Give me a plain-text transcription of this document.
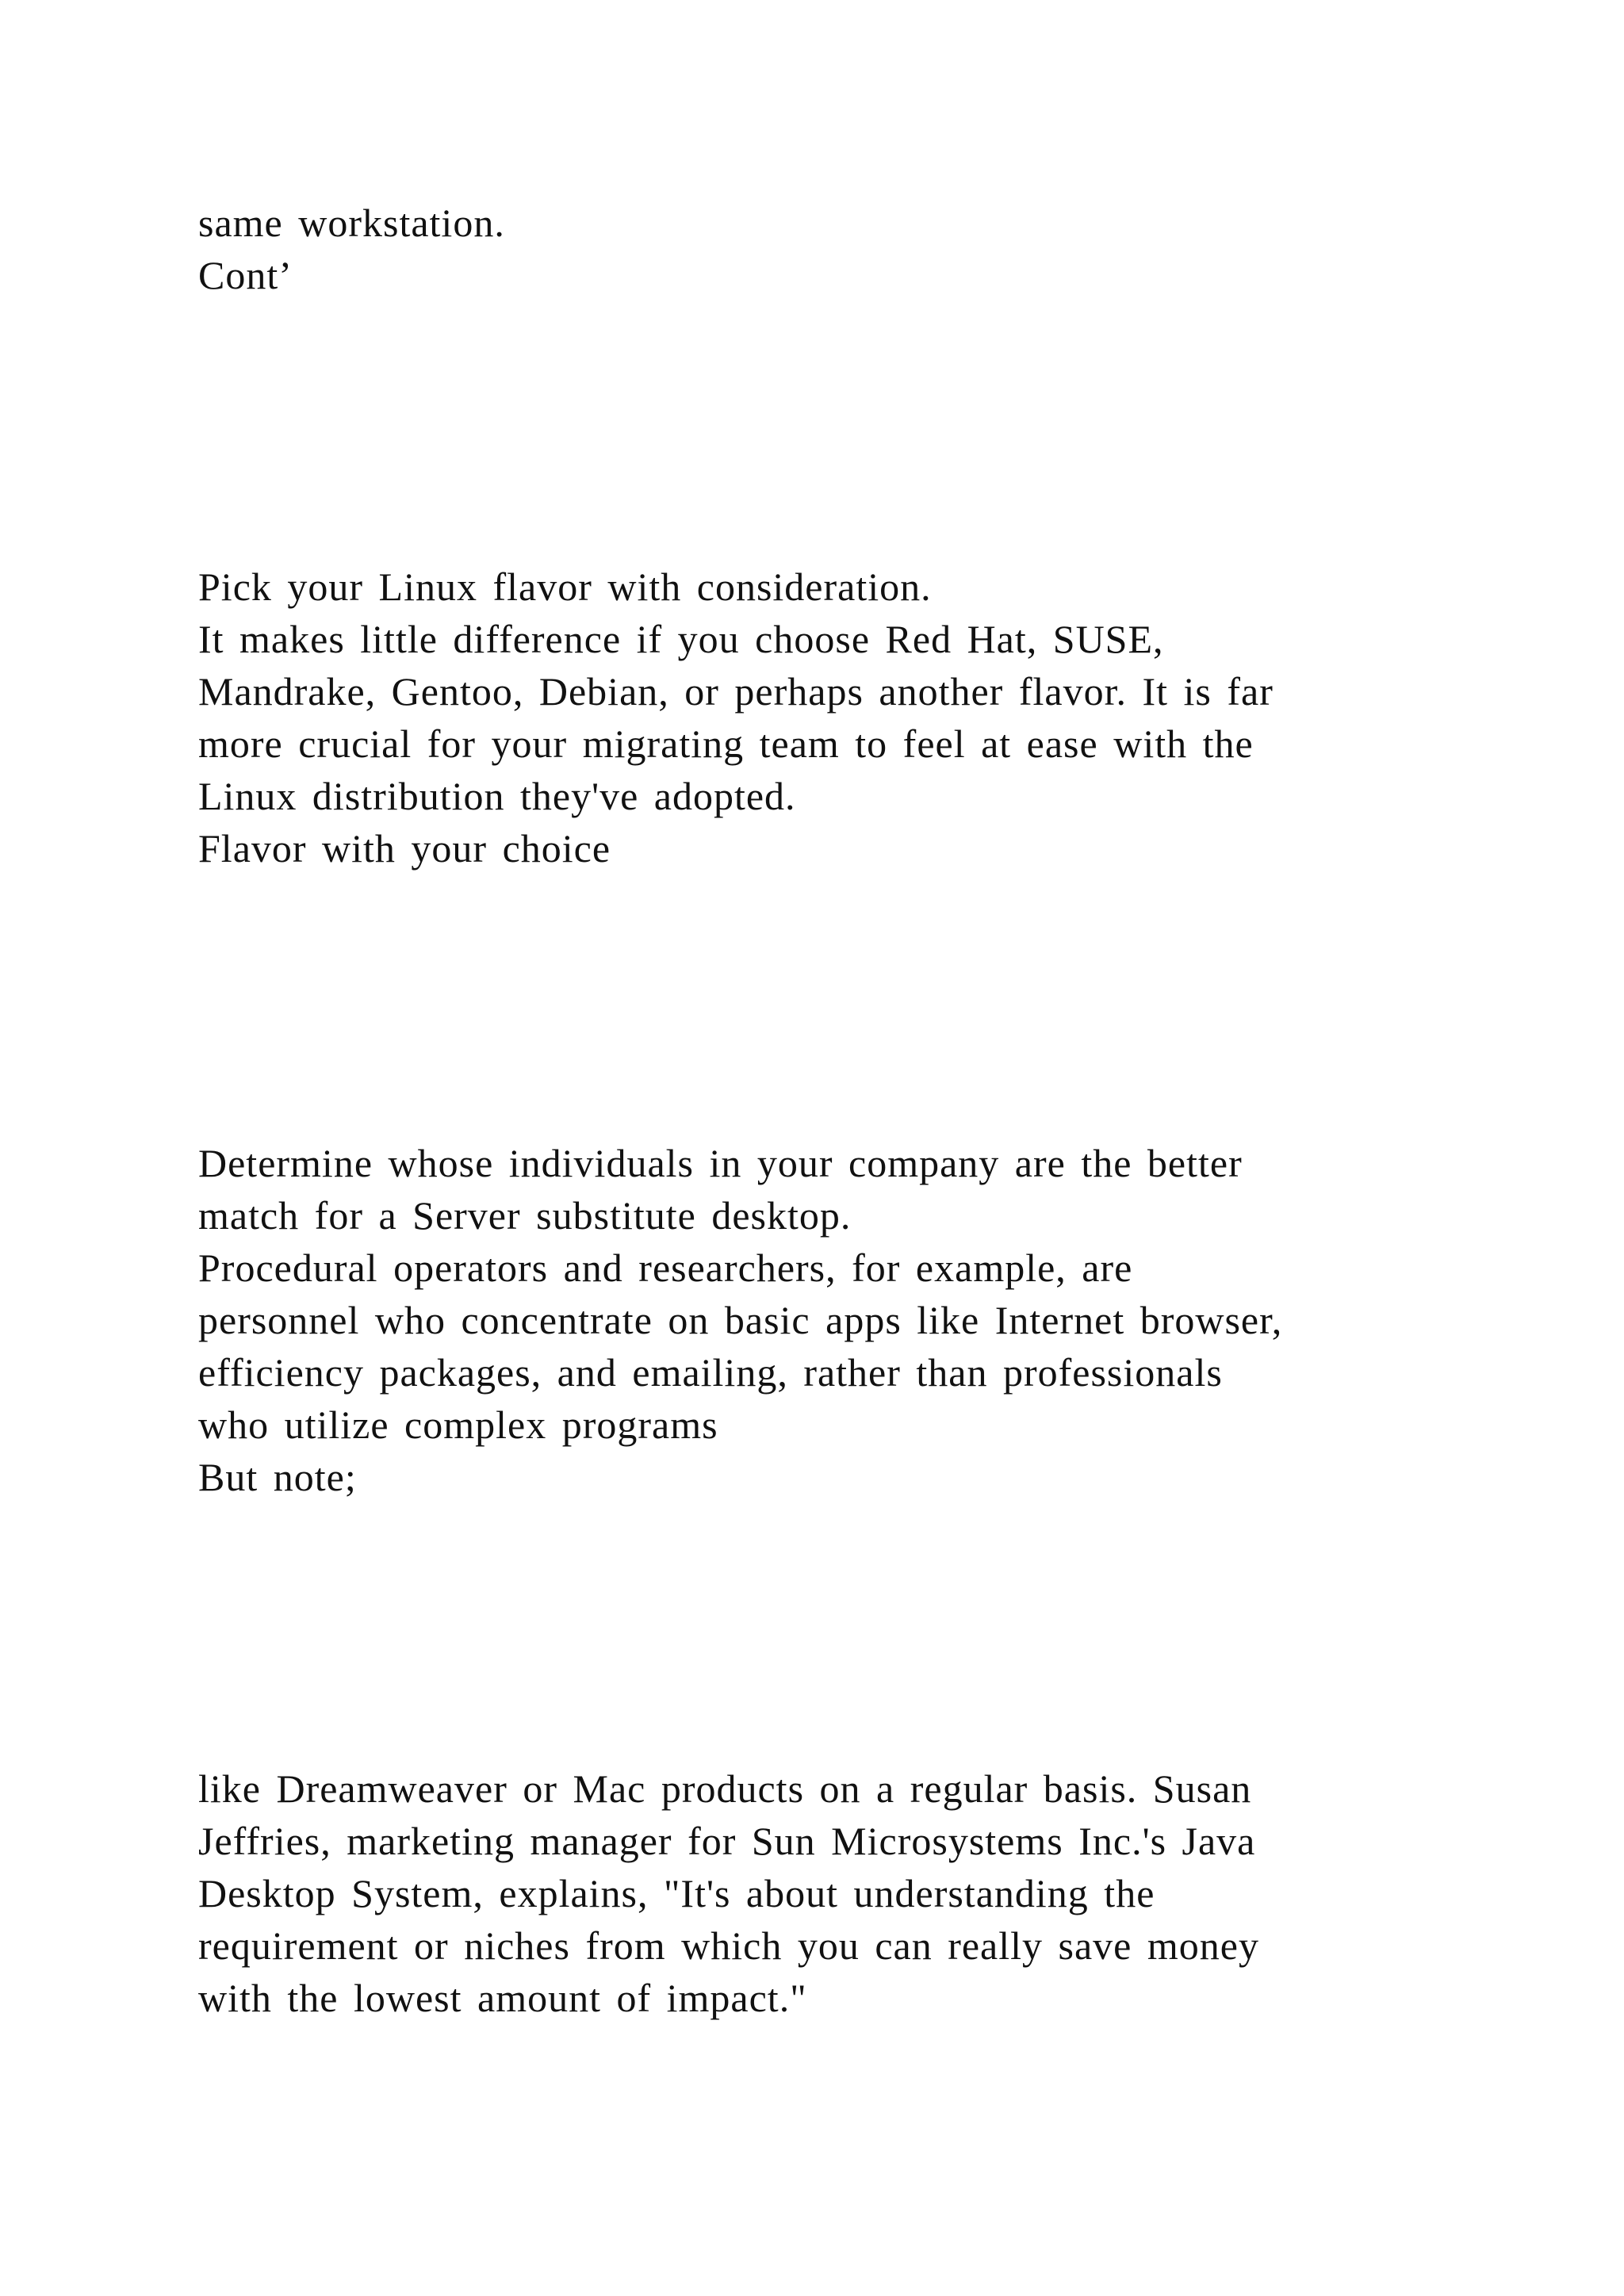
same workstation.
Cont’
Pick your Linux flavor with consideration.
It makes little difference if you choose Red Hat, SUSE,
Mandrake, Gentoo, Debian, or perhaps another flavor. It is far
more crucial for your migrating team to feel at ease with the
Linux distribution they've adopted.
Flavor with your choice
Determine whose individuals in your company are the better
match for a Server substitute desktop.
Procedural operators and researchers, for example, are
personnel who concentrate on basic apps like Internet browser,
efficiency packages, and emailing, rather than professionals
who utilize complex programs
But note;
like Dreamweaver or Mac products on a regular basis. Susan
Jeffries, marketing manager for Sun Microsystems Inc.'s Java
Desktop System, explains, "It's about understanding the
requirement or niches from which you can really save money
with the lowest amount of impact."
